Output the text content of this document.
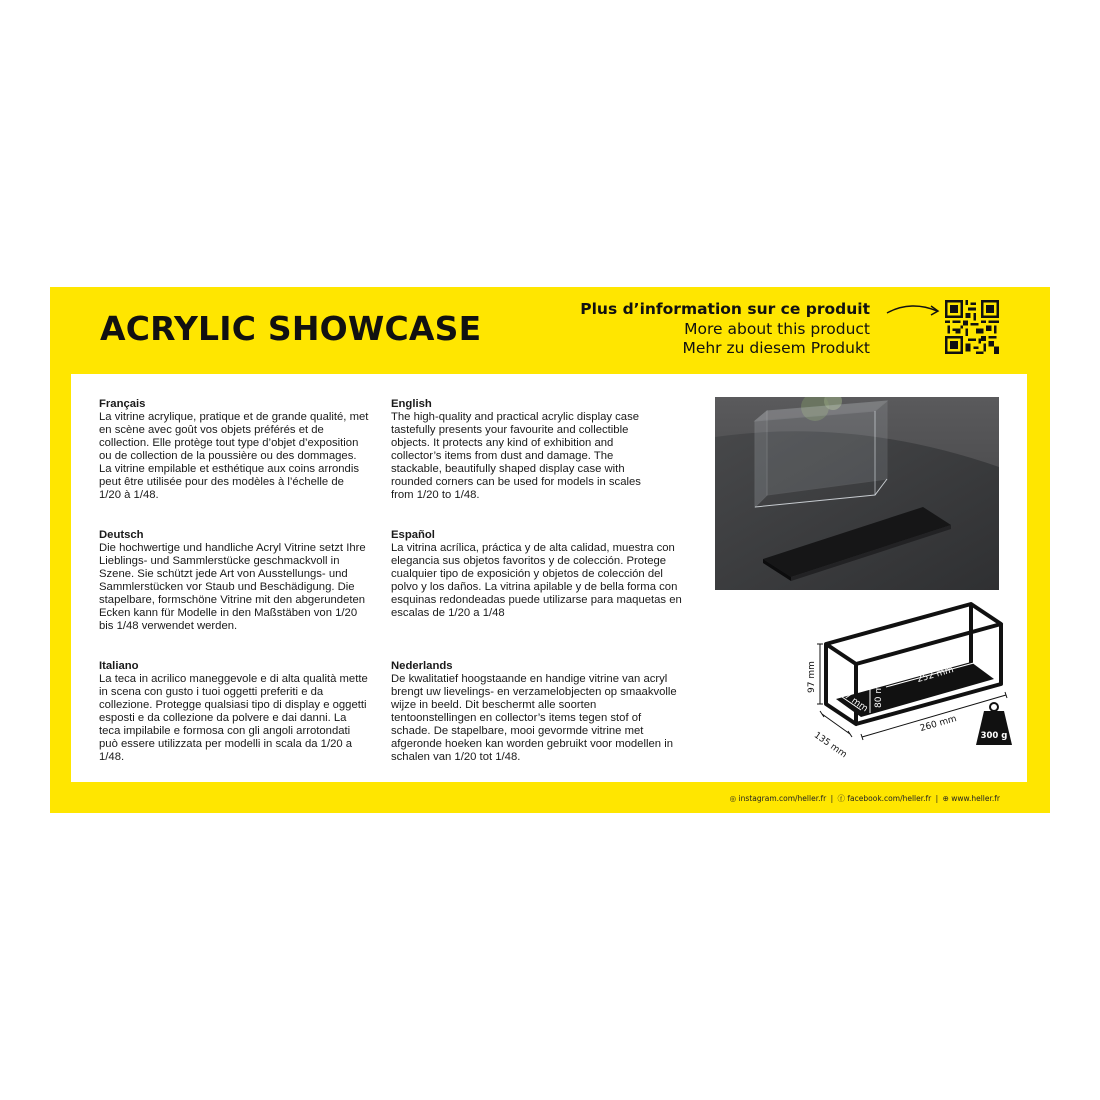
ACRYLIC SHOWCASE	Plus d’information sur ce produit
More about this product
Mehr zu diesem Produkt
Français

La vitrine acrylique, pratique et de grande qualité, met en scène avec goût vos objets préférés et de collection. Elle protège tout type d’objet d’exposition ou de collection de la poussière ou des dommages. La vitrine empilable et esthétique aux coins arrondis peut être utilisée pour des modèles à l’échelle de 1/20 à 1/48.

English

The high-quality and practical acrylic display case tastefully presents your favourite and collectible objects. It protects any kind of exhibition and collector’s items from dust and damage. The stackable, beautifully shaped display case with rounded corners can be used for models in scales from 1/20 to 1/48.

Deutsch

Die hochwertige und handliche Acryl Vitrine setzt Ihre Lieblings- und Sammlerstücke geschmackvoll in Szene. Sie schützt jede Art von Ausstellungs- und Sammlerstücken vor Staub und Beschädigung. Die stapelbare, formschöne Vitrine mit den abgerundeten Ecken kann für Modelle in den Maßstäben von 1/20 bis 1/48 verwendet werden.

Español

La vitrina acrílica, práctica y de alta calidad, muestra con elegancia sus objetos favoritos y de colección. Protege cualquier tipo de exposición y objetos de colección del polvo y los daños. La vitrina apilable y de bella forma con esquinas redondeadas puede utilizarse para maquetas en escalas de 1/20 a 1/48

Italiano

La teca in acrilico maneggevole e di alta qualità mette in scena con gusto i tuoi oggetti preferiti e da collezione. Protegge qualsiasi tipo di display e oggetti esposti e da collezione da polvere e dai danni. La teca impilabile e formosa con gli angoli arrotondati può essere utilizzata per modelli in scala da 1/20 a 1/48.

Nederlands

De kwalitatief hoogstaande en handige vitrine van acryl brengt uw lievelings- en verzamelobjecten op smaakvolle wijze in beeld. Dit beschermt alle soorten tentoonstellingen en collector’s items tegen stof of schade. De stapelbare, mooi gevormde vitrine met afgeronde hoeken kan worden gebruikt voor modellen in schalen van 1/20 tot 1/48.

97 mm
135 mm
260 mm
127 mm 80 mm
252 mm
300 g
◎ instagram.com/heller.fr | ⓕ facebook.com/heller.fr | ⊕ www.heller.fr
